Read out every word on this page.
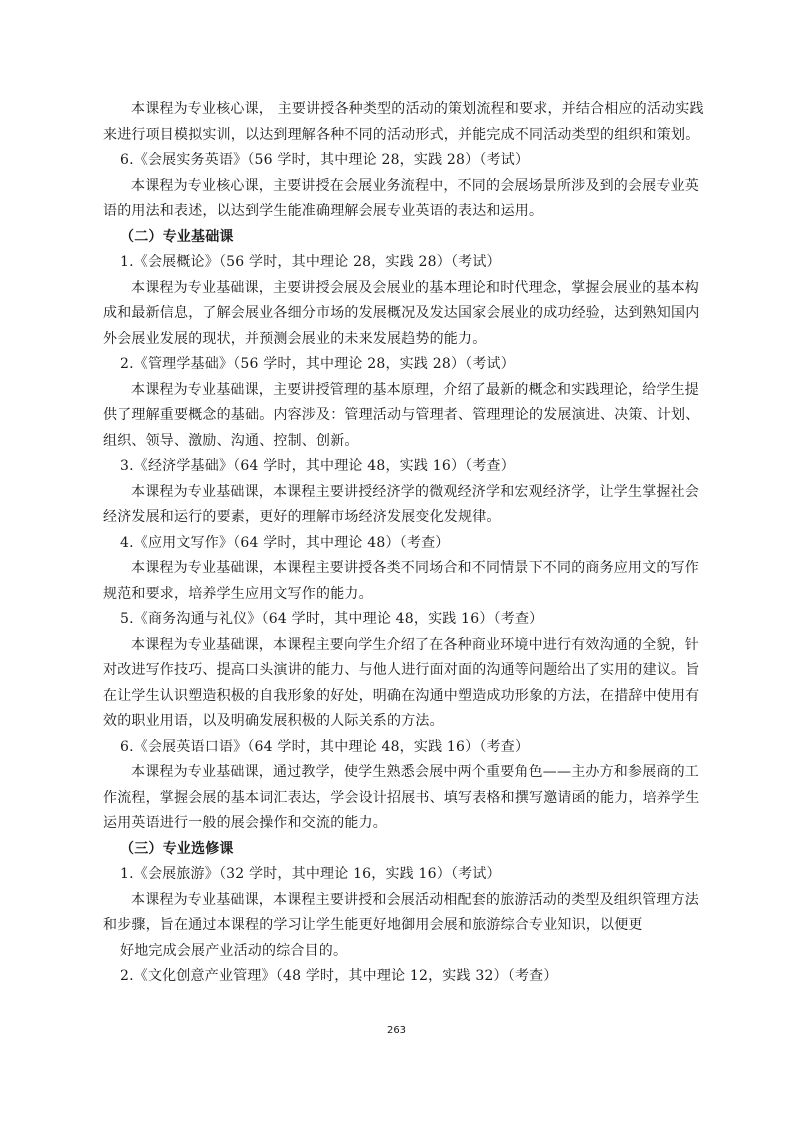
本课程为专业核心课， 主要讲授各种类型的活动的策划流程和要求，并结合相应的活动实践来进行项目模拟实训，以达到理解各种不同的活动形式，并能完成不同活动类型的组织和策划。

6.《会展实务英语》（56 学时，其中理论 28，实践 28）（考试）

本课程为专业核心课，主要讲授在会展业务流程中，不同的会展场景所涉及到的会展专业英语的用法和表述，以达到学生能准确理解会展专业英语的表达和运用。

（二）专业基础课

1.《会展概论》（56 学时，其中理论 28，实践 28）（考试）

本课程为专业基础课，主要讲授会展及会展业的基本理论和时代理念，掌握会展业的基本构成和最新信息，了解会展业各细分市场的发展概况及发达国家会展业的成功经验，达到熟知国内外会展业发展的现状，并预测会展业的未来发展趋势的能力。

2.《管理学基础》（56 学时，其中理论 28，实践 28）（考试）

本课程为专业基础课，主要讲授管理的基本原理，介绍了最新的概念和实践理论，给学生提供了理解重要概念的基础。内容涉及：管理活动与管理者、管理理论的发展演进、决策、计划、组织、领导、激励、沟通、控制、创新。

3.《经济学基础》（64 学时，其中理论 48，实践 16）（考查）

本课程为专业基础课，本课程主要讲授经济学的微观经济学和宏观经济学，让学生掌握社会经济发展和运行的要素，更好的理解市场经济发展变化发规律。

4.《应用文写作》（64 学时，其中理论 48）（考查）

本课程为专业基础课，本课程主要讲授各类不同场合和不同情景下不同的商务应用文的写作规范和要求，培养学生应用文写作的能力。

5.《商务沟通与礼仪》（64 学时，其中理论 48，实践 16）（考查）

本课程为专业基础课，本课程主要向学生介绍了在各种商业环境中进行有效沟通的全貌，针对改进写作技巧、提高口头演讲的能力、与他人进行面对面的沟通等问题给出了实用的建议。旨在让学生认识塑造积极的自我形象的好处，明确在沟通中塑造成功形象的方法，在措辞中使用有效的职业用语，以及明确发展积极的人际关系的方法。

6.《会展英语口语》（64 学时，其中理论 48，实践 16）（考查）

本课程为专业基础课，通过教学，使学生熟悉会展中两个重要角色——主办方和参展商的工作流程，掌握会展的基本词汇表达，学会设计招展书、填写表格和撰写邀请函的能力，培养学生运用英语进行一般的展会操作和交流的能力。

（三）专业选修课

1.《会展旅游》（32 学时，其中理论 16，实践 16）（考试）

本课程为专业基础课，本课程主要讲授和会展活动相配套的旅游活动的类型及组织管理方法和步骤，旨在通过本课程的学习让学生能更好地御用会展和旅游综合专业知识，以便更

好地完成会展产业活动的综合目的。

2.《文化创意产业管理》（48 学时，其中理论 12，实践 32）（考查）

263
